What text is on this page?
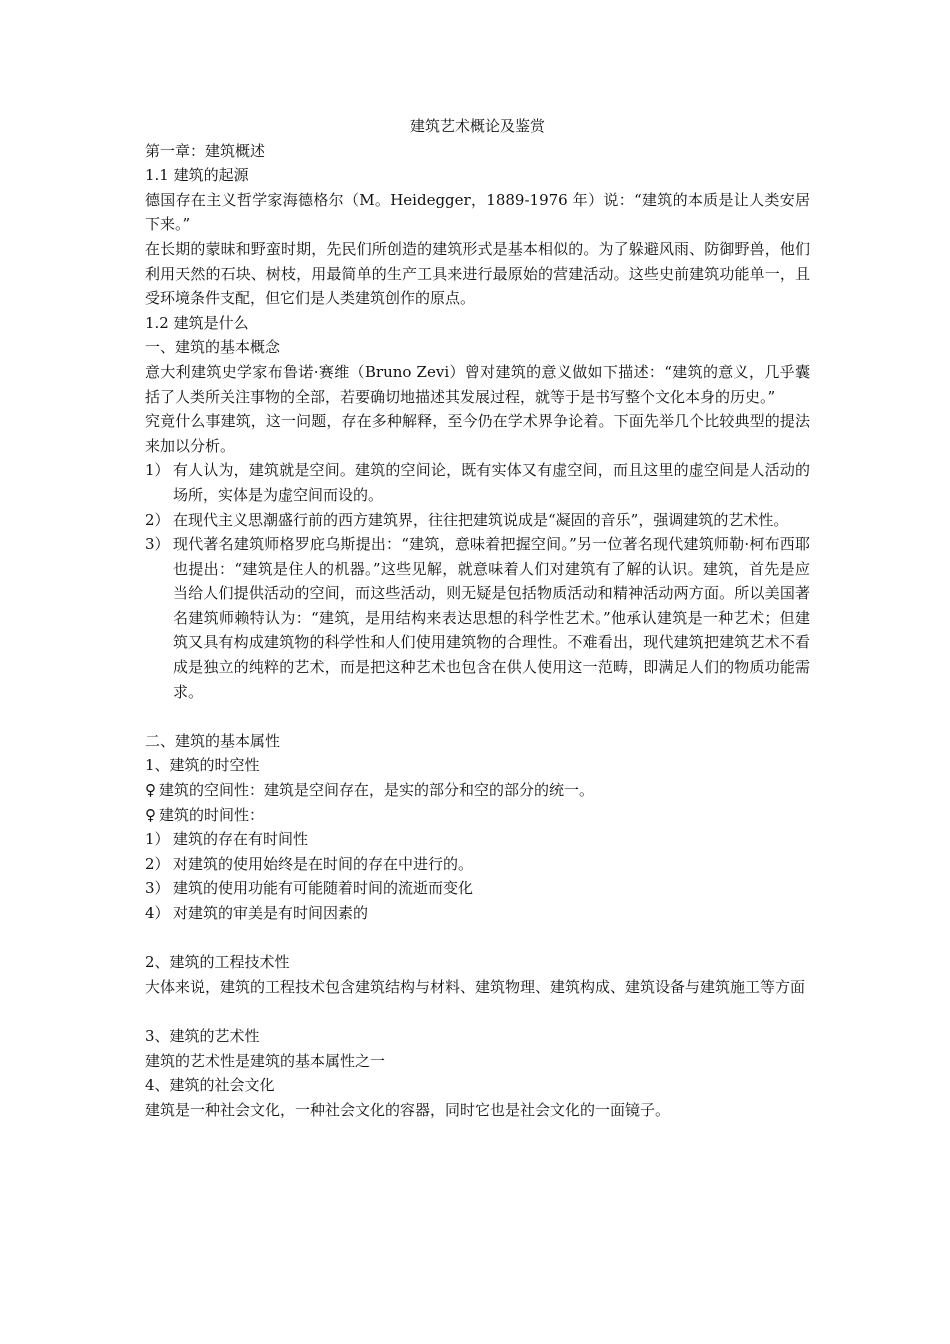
建筑艺术概论及鉴赏

第一章：建筑概述

1.1 建筑的起源

德国存在主义哲学家海德格尔（M。Heidegger，1889-1976 年）说：“建筑的本质是让人类安居下来。”

在长期的蒙昧和野蛮时期，先民们所创造的建筑形式是基本相似的。为了躲避风雨、防御野兽，他们利用天然的石块、树枝，用最简单的生产工具来进行最原始的营建活动。这些史前建筑功能单一，且受环境条件支配，但它们是人类建筑创作的原点。

1.2 建筑是什么

一、建筑的基本概念

意大利建筑史学家布鲁诺·赛维（Bruno Zevi）曾对建筑的意义做如下描述：“建筑的意义，几乎囊括了人类所关注事物的全部，若要确切地描述其发展过程，就等于是书写整个文化本身的历史。”

究竟什么事建筑，这一问题，存在多种解释，至今仍在学术界争论着。下面先举几个比较典型的提法来加以分析。

1） 有人认为，建筑就是空间。建筑的空间论，既有实体又有虚空间，而且这里的虚空间是人活动的场所，实体是为虚空间而设的。
2） 在现代主义思潮盛行前的西方建筑界，往往把建筑说成是“凝固的音乐”，强调建筑的艺术性。
3） 现代著名建筑师格罗庇乌斯提出：“建筑，意味着把握空间。”另一位著名现代建筑师勒·柯布西耶也提出：“建筑是住人的机器。”这些见解，就意味着人们对建筑有了解的认识。建筑，首先是应当给人们提供活动的空间，而这些活动，则无疑是包括物质活动和精神活动两方面。所以美国著名建筑师赖特认为：“建筑，是用结构来表达思想的科学性艺术。”他承认建筑是一种艺术；但建筑又具有构成建筑物的科学性和人们使用建筑物的合理性。不难看出，现代建筑把建筑艺术不看成是独立的纯粹的艺术，而是把这种艺术也包含在供人使用这一范畴，即满足人们的物质功能需求。

二、建筑的基本属性

1、建筑的时空性

♀ 建筑的空间性：建筑是空间存在，是实的部分和空的部分的统一。

♀ 建筑的时间性：

1） 建筑的存在有时间性
2） 对建筑的使用始终是在时间的存在中进行的。
3） 建筑的使用功能有可能随着时间的流逝而变化
4） 对建筑的审美是有时间因素的

2、建筑的工程技术性

大体来说，建筑的工程技术包含建筑结构与材料、建筑物理、建筑构成、建筑设备与建筑施工等方面

3、建筑的艺术性

建筑的艺术性是建筑的基本属性之一

4、建筑的社会文化

建筑是一种社会文化，一种社会文化的容器，同时它也是社会文化的一面镜子。
